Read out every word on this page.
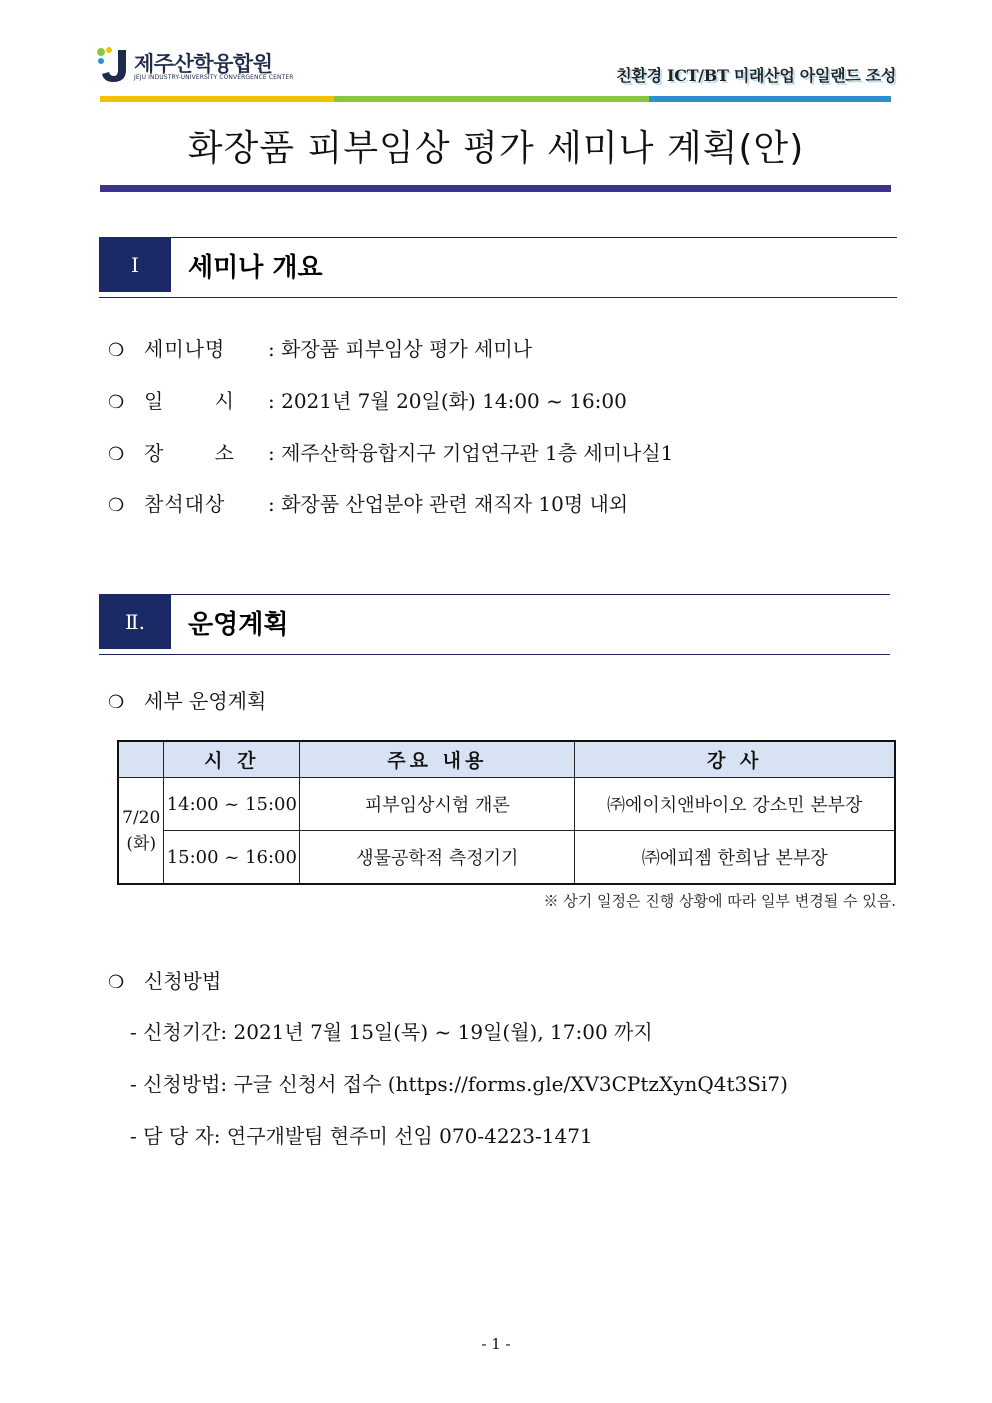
제주산학융합원
JEJU INDUSTRY-UNIVERSITY CONVERGENCE CENTER	친환경 ICT/BT 미래산업 아일랜드 조성
화장품 피부임상 평가 세미나 계획(안)
Ⅰ	세미나 개요
❍ 세미나명	: 화장품 피부임상 평가 세미나
❍ 일	시 : 2021년 7월 20일(화) 14:00 ~ 16:00
❍ 장	소 : 제주산학융합지구 기업연구관 1층 세미나실1
❍ 참석대상	: 화장품 산업분야 관련 재직자 10명 내외
Ⅱ.	운영계획
❍ 세부 운영계획
	시 간	주요 내용	강 사

7/20
(화)	14:00 ~ 15:00	피부임상시험 개론	㈜에이치앤바이오 강소민 본부장
	15:00 ~ 16:00	생물공학적 측정기기	㈜에피젬 한희남 본부장
※ 상기 일정은 진행 상황에 따라 일부 변경될 수 있음.
❍ 신청방법
- 신청기간: 2021년 7월 15일(목) ~ 19일(월), 17:00 까지
- 신청방법: 구글 신청서 접수 (https://forms.gle/XV3CPtzXynQ4t3Si7)
- 담 당 자: 연구개발팀 현주미 선임 070-4223-1471
- 1 -
